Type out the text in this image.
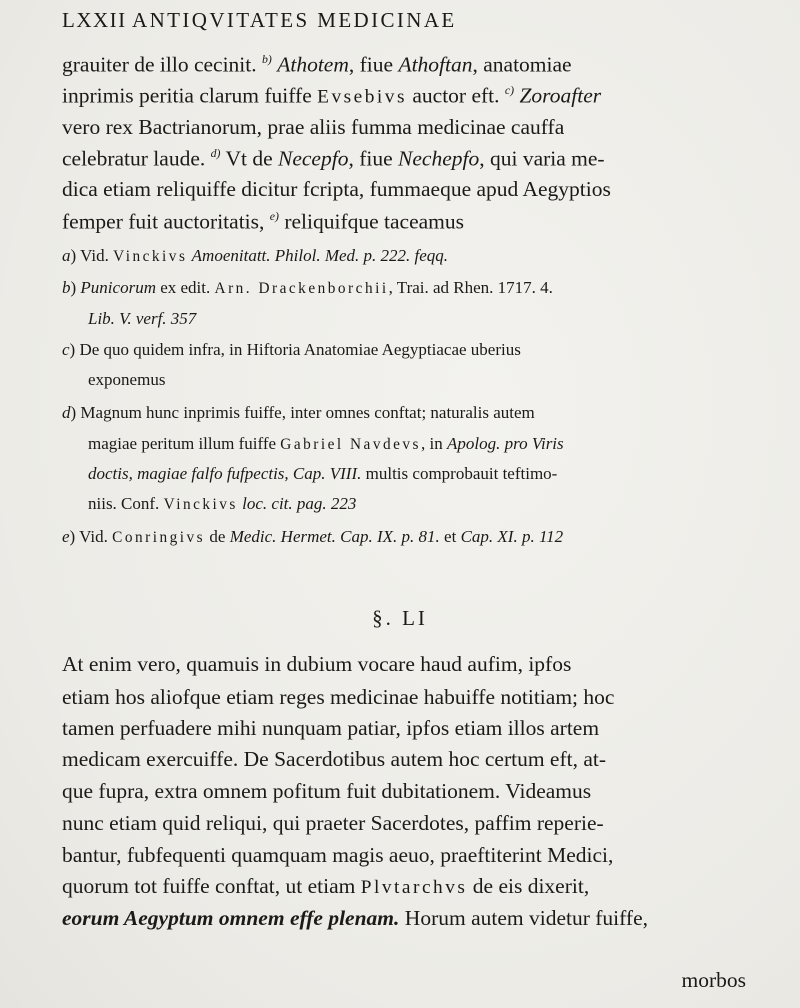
LXXII ANTIQVITATES MEDICINAE
grauiter de illo cecinit. $^{b)}$ Athotem, fiue Athoftan, anatomiae
inprimis peritia clarum fuiffe Evsebivs auctor eft. $^{c)}$ Zoroafter
vero rex Bactrianorum, prae aliis fumma medicinae cauffa
celebratur laude. $^{d)}$ Vt de Necepfo, fiue Nechepfo, qui varia me-
dica etiam reliquiffe dicitur fcripta, fummaeque apud Aegyptios
femper fuit auctoritatis, $^{e)}$ reliquifque taceamus
a) Vid. Vinckivs Amoenitatt. Philol. Med. p. 222. feqq.
b) Punicorum ex edit. Arn. Drackenborchii, Trai. ad Rhen. 1717. 4.
Lib. V. verf. 357
c) De quo quidem infra, in Hiftoria Anatomiae Aegyptiacae uberius
exponemus
d) Magnum hunc inprimis fuiffe, inter omnes conftat; naturalis autem
magiae peritum illum fuiffe Gabriel Navdevs, in Apolog. pro Viris
doctis, magiae falfo fufpectis, Cap. VIII. multis comprobauit teftimo-
niis. Conf. Vinckivs loc. cit. pag. 223
e) Vid. Conringivs de Medic. Hermet. Cap. IX. p. 81. et Cap. XI. p. 112
§. LI
At enim vero, quamuis in dubium vocare haud aufim, ipfos
etiam hos aliofque etiam reges medicinae habuiffe notitiam; hoc
tamen perfuadere mihi nunquam patiar, ipfos etiam illos artem
medicam exercuiffe. De Sacerdotibus autem hoc certum eft, at-
que fupra, extra omnem pofitum fuit dubitationem. Videamus
nunc etiam quid reliqui, qui praeter Sacerdotes, paffim reperie-
bantur, fubfequenti quamquam magis aeuo, praeftiterint Medici,
quorum tot fuiffe conftat, ut etiam Plvtarchvs de eis dixerit,
eorum Aegyptum omnem effe plenam. Horum autem videtur fuiffe,
morbos
